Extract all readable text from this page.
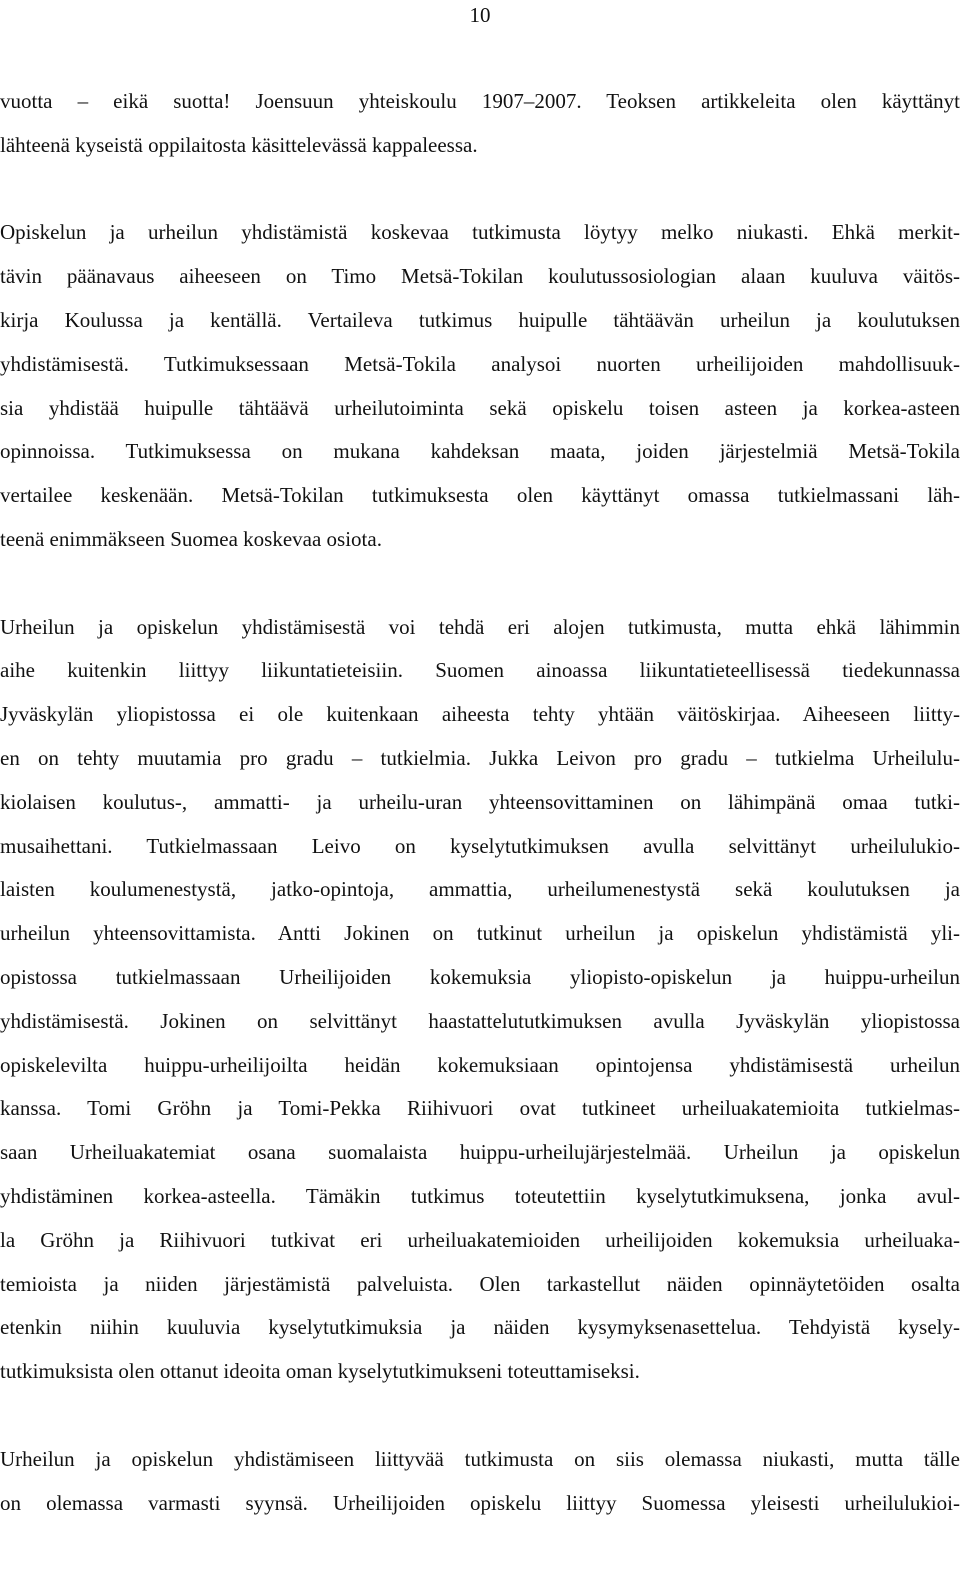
10
vuotta – eikä suotta! Joensuun yhteiskoulu 1907–2007. Teoksen artikkeleita olen käyttänyt
lähteenä kyseistä oppilaitosta käsittelevässä kappaleessa.
Opiskelun ja urheilun yhdistämistä koskevaa tutkimusta löytyy melko niukasti. Ehkä merkit-
tävin päänavaus aiheeseen on Timo Metsä-Tokilan koulutussosiologian alaan kuuluva väitös-
kirja Koulussa ja kentällä. Vertaileva tutkimus huipulle tähtäävän urheilun ja koulutuksen
yhdistämisestä. Tutkimuksessaan Metsä-Tokila analysoi nuorten urheilijoiden mahdollisuuk-
sia yhdistää huipulle tähtäävä urheilutoiminta sekä opiskelu toisen asteen ja korkea-asteen
opinnoissa. Tutkimuksessa on mukana kahdeksan maata, joiden järjestelmiä Metsä-Tokila
vertailee keskenään. Metsä-Tokilan tutkimuksesta olen käyttänyt omassa tutkielmassani läh-
teenä enimmäkseen Suomea koskevaa osiota.
Urheilun ja opiskelun yhdistämisestä voi tehdä eri alojen tutkimusta, mutta ehkä lähimmin
aihe kuitenkin liittyy liikuntatieteisiin. Suomen ainoassa liikuntatieteellisessä tiedekunnassa
Jyväskylän yliopistossa ei ole kuitenkaan aiheesta tehty yhtään väitöskirjaa. Aiheeseen liitty-
en on tehty muutamia pro gradu – tutkielmia. Jukka Leivon pro gradu – tutkielma Urheilulu-
kiolaisen koulutus-, ammatti- ja urheilu-uran yhteensovittaminen on lähimpänä omaa tutki-
musaihettani. Tutkielmassaan Leivo on kyselytutkimuksen avulla selvittänyt urheilulukio-
laisten koulumenestystä, jatko-opintoja, ammattia, urheilumenestystä sekä koulutuksen ja
urheilun yhteensovittamista. Antti Jokinen on tutkinut urheilun ja opiskelun yhdistämistä yli-
opistossa tutkielmassaan Urheilijoiden kokemuksia yliopisto-opiskelun ja huippu-urheilun
yhdistämisestä. Jokinen on selvittänyt haastattelututkimuksen avulla Jyväskylän yliopistossa
opiskelevilta huippu-urheilijoilta heidän kokemuksiaan opintojensa yhdistämisestä urheilun
kanssa. Tomi Gröhn ja Tomi-Pekka Riihivuori ovat tutkineet urheiluakatemioita tutkielmas-
saan Urheiluakatemiat osana suomalaista huippu-urheilujärjestelmää. Urheilun ja opiskelun
yhdistäminen korkea-asteella. Tämäkin tutkimus toteutettiin kyselytutkimuksena, jonka avul-
la Gröhn ja Riihivuori tutkivat eri urheiluakatemioiden urheilijoiden kokemuksia urheiluaka-
temioista ja niiden järjestämistä palveluista. Olen tarkastellut näiden opinnäytetöiden osalta
etenkin niihin kuuluvia kyselytutkimuksia ja näiden kysymyksenasettelua. Tehdyistä kysely-
tutkimuksista olen ottanut ideoita oman kyselytutkimukseni toteuttamiseksi.
Urheilun ja opiskelun yhdistämiseen liittyvää tutkimusta on siis olemassa niukasti, mutta tälle
on olemassa varmasti syynsä. Urheilijoiden opiskelu liittyy Suomessa yleisesti urheilulukioi-
